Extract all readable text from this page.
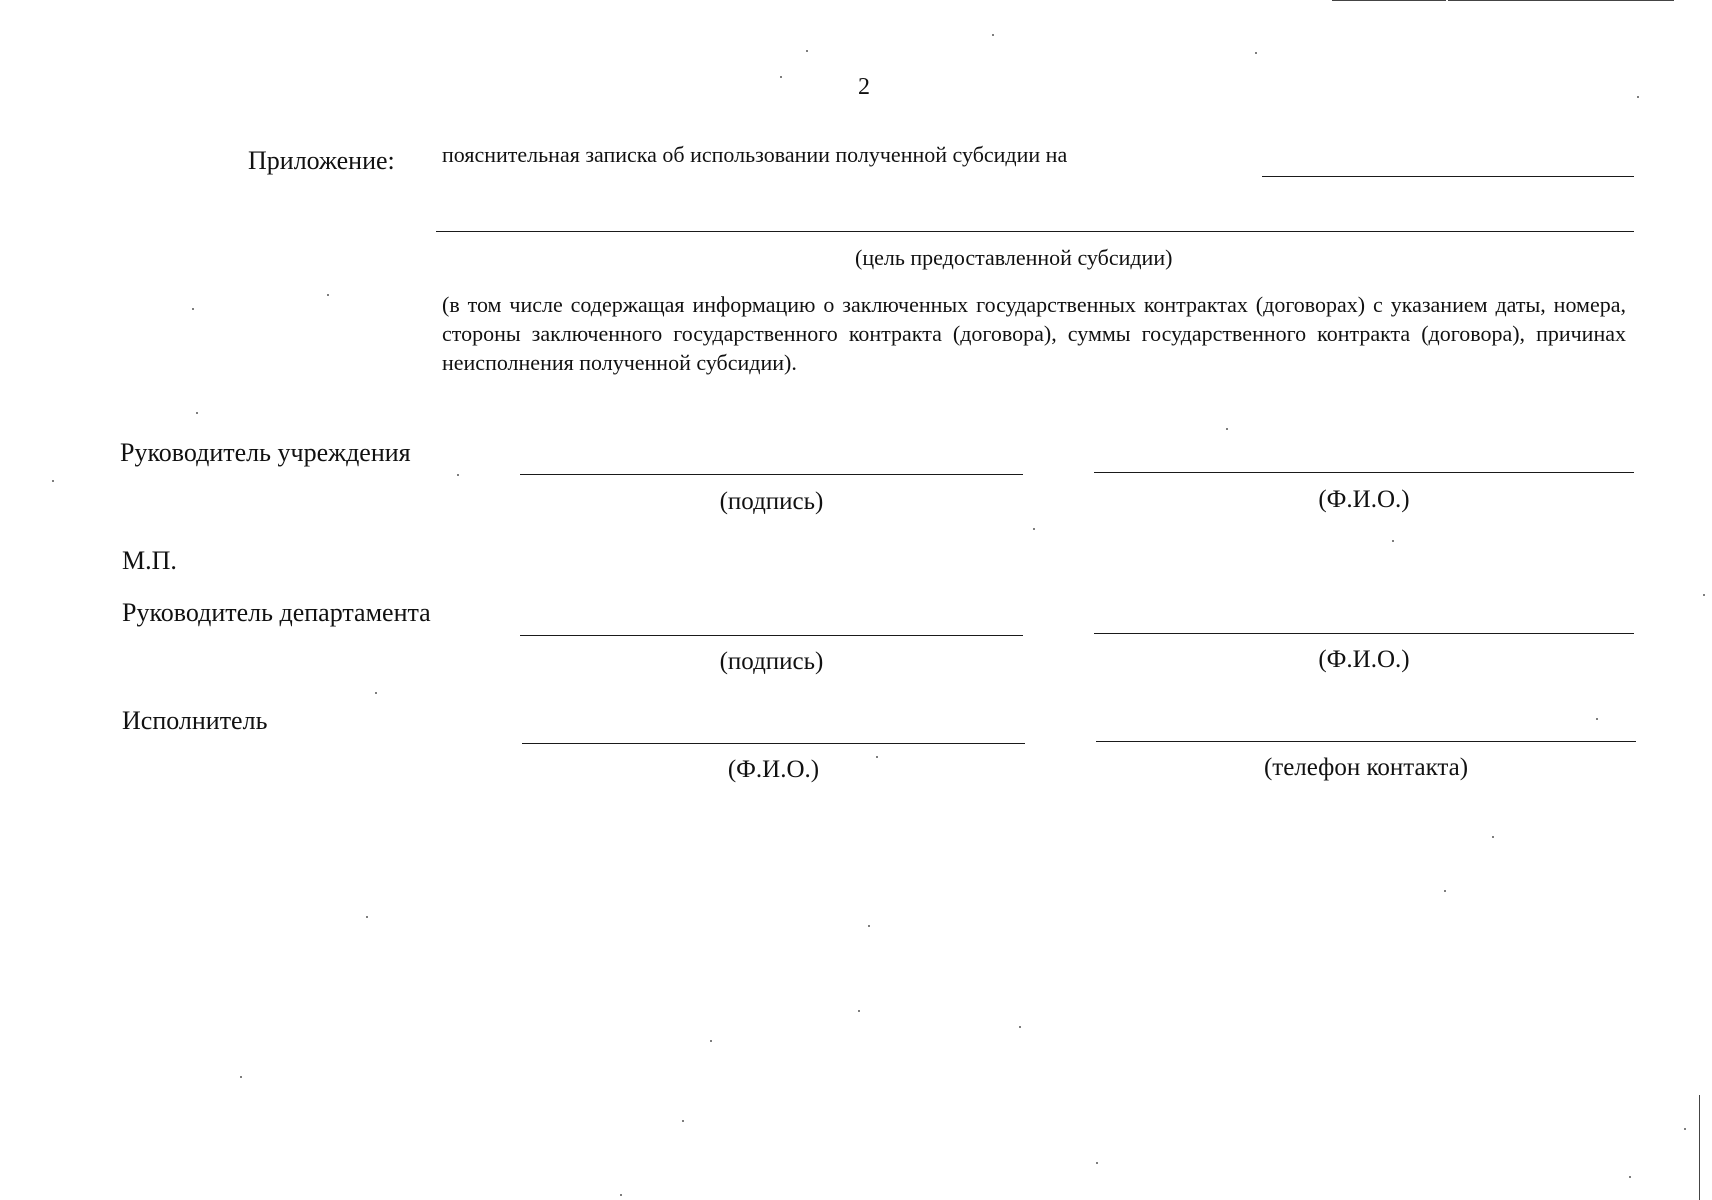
2
Приложение: пояснительная записка об использовании полученной субсидии на
(цель предоставленной субсидии)
(в том числе содержащая информацию о заключенных государственных контрактах (договорах) с указанием даты, номера, стороны заключенного государственного контракта (договора), суммы государственного контракта (договора), причинах неисполнения полученной субсидии).
Руководитель учреждения
(подпись)	(Ф.И.О.)
М.П.
Руководитель департамента
(подпись)	(Ф.И.О.)
Исполнитель
(Ф.И.О.)	(телефон контакта)
